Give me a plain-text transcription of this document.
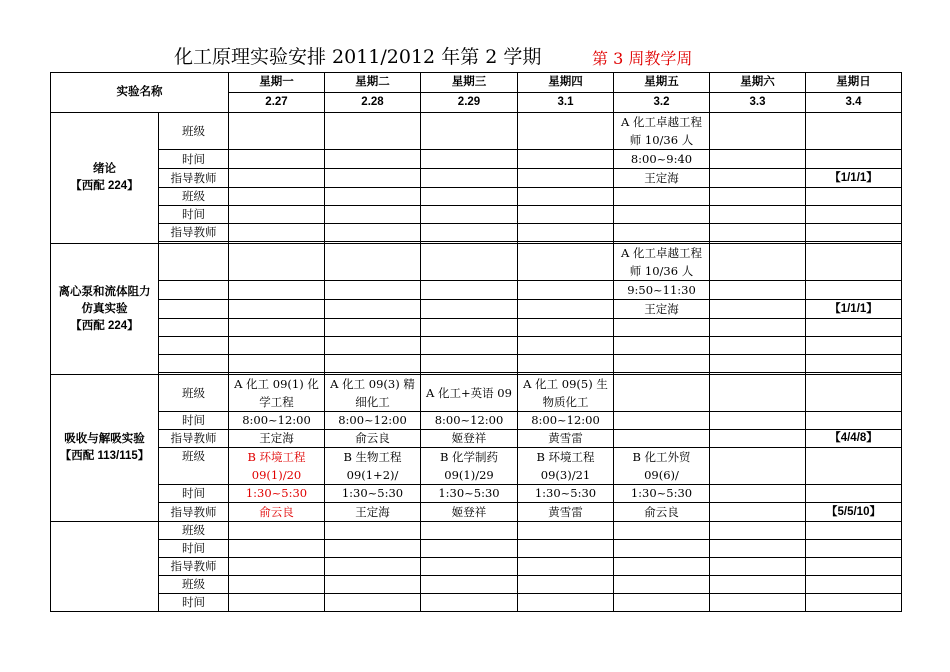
化工原理实验安排 2011/2012 年第 2 学期	第 3 周教学周
实验名称		星期一	星期二	星期三	星期四	星期五	星期六	星期日
		2.27	2.28	2.29	3.1	3.2	3.3	3.4

绪论
【西配 224】	班级					A 化工卓越工程师 10/36 人		
	时间					8:00~9:40		
	指导教师					王定海		【1/1/1】
	班级							
	时间							
	指导教师							

离心泵和流体阻力仿真实验
【西配 224】						A 化工卓越工程师 10/36 人		
						9:50~11:30		
						王定海		【1/1/1】

吸收与解吸实验
【西配 113/115】	班级	A 化工 09(1) 化学工程	A 化工 09(3) 精细化工	A 化工+英语 09	A 化工 09(5) 生物质化工			
	时间	8:00~12:00	8:00~12:00	8:00~12:00	8:00~12:00			
	指导教师	王定海	俞云良	姬登祥	黄雪雷			【4/4/8】
	班级	B 环境工程 09(1)/20	B 生物工程 09(1+2)/	B 化学制药 09(1)/29	B 环境工程 09(3)/21	B 化工外贸 09(6)/		
	时间	1:30~5:30	1:30~5:30	1:30~5:30	1:30~5:30	1:30~5:30		
	指导教师	俞云良	王定海	姬登祥	黄雪雷	俞云良		【5/5/10】
	班级							
	时间							
	指导教师							
	班级							
	时间							
